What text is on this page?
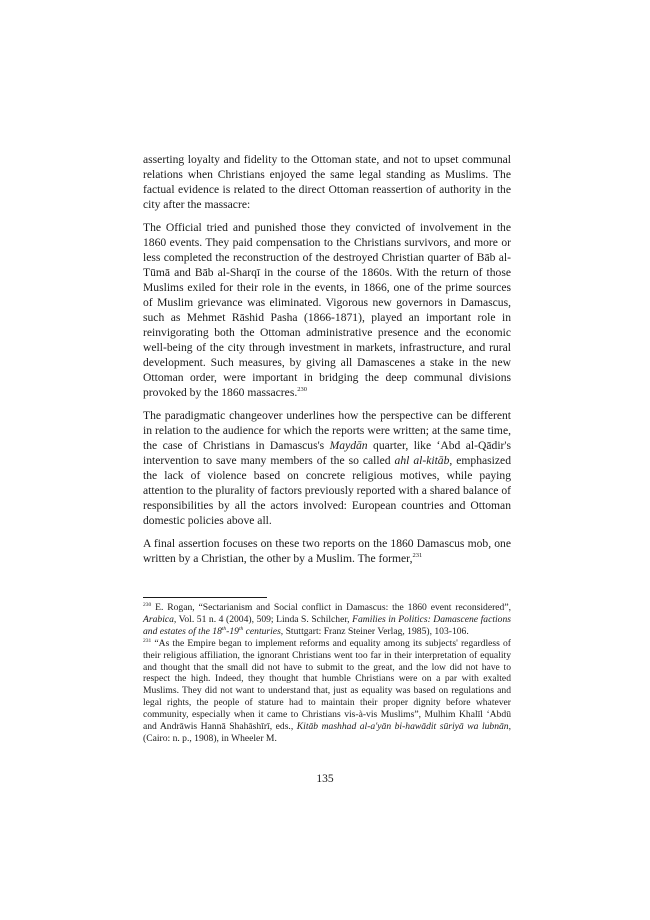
asserting loyalty and fidelity to the Ottoman state, and not to upset communal relations when Christians enjoyed the same legal standing as Muslims. The factual evidence is related to the direct Ottoman reassertion of authority in the city after the massacre:

The Official tried and punished those they convicted of involvement in the 1860 events. They paid compensation to the Christians survivors, and more or less completed the reconstruction of the destroyed Christian quarter of Bāb al-Tūmā and Bāb al-Sharqī in the course of the 1860s. With the return of those Muslims exiled for their role in the events, in 1866, one of the prime sources of Muslim grievance was eliminated. Vigorous new governors in Damascus, such as Mehmet Rāshid Pasha (1866-1871), played an important role in reinvigorating both the Ottoman administrative presence and the economic well-being of the city through investment in markets, infrastructure, and rural development. Such measures, by giving all Damascenes a stake in the new Ottoman order, were important in bridging the deep communal divisions provoked by the 1860 massacres.$^{230}$

The paradigmatic changeover underlines how the perspective can be different in relation to the audience for which the reports were written; at the same time, the case of Christians in Damascus's Maydān quarter, like ‘Abd al-Qādir's intervention to save many members of the so called ahl al-kitāb, emphasized the lack of violence based on concrete religious motives, while paying attention to the plurality of factors previously reported with a shared balance of responsibilities by all the actors involved: European countries and Ottoman domestic policies above all.

A final assertion focuses on these two reports on the 1860 Damascus mob, one written by a Christian, the other by a Muslim. The former,$^{231}$

$^{230}$ E. Rogan, “Sectarianism and Social conflict in Damascus: the 1860 event reconsidered”, Arabica, Vol. 51 n. 4 (2004), 509; Linda S. Schilcher, Families in Politics: Damascene factions and estates of the 18th-19th centuries, Stuttgart: Franz Steiner Verlag, 1985), 103-106.

$^{231}$ “As the Empire began to implement reforms and equality among its subjects' regardless of their religious affiliation, the ignorant Christians went too far in their interpretation of equality and thought that the small did not have to submit to the great, and the low did not have to respect the high. Indeed, they thought that humble Christians were on a par with exalted Muslims. They did not want to understand that, just as equality was based on regulations and legal rights, the people of stature had to maintain their proper dignity before whatever community, especially when it came to Christians vis-à-vis Muslims”, Mulhim Khalīl ‘Abdū and Andrāwis Hannā Shahāshīrī, eds., Kitāb mashhad al-a'yān bi-hawādit sūriyā wa lubnān, (Cairo: n. p., 1908), in Wheeler M.

135
